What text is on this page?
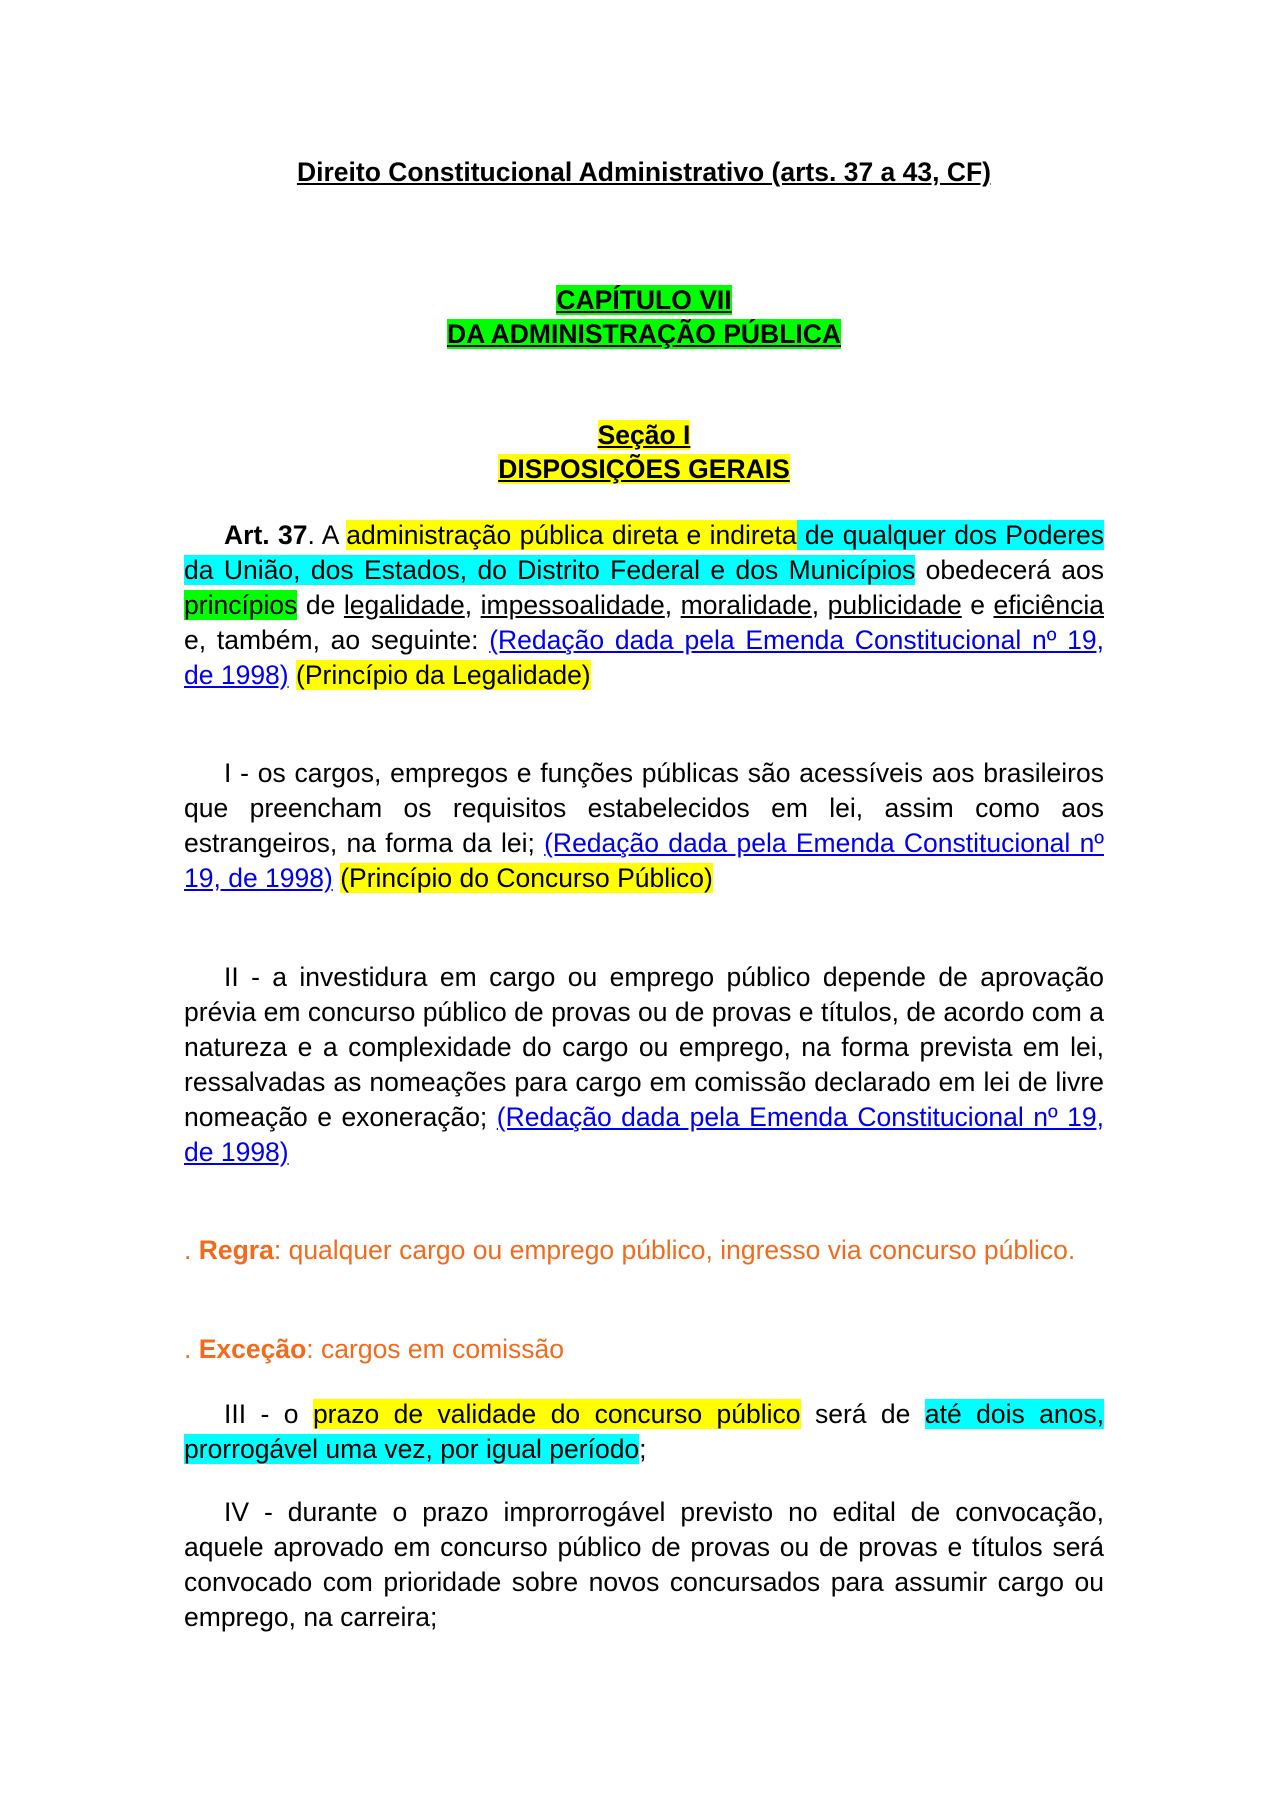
Direito Constitucional Administrativo (arts. 37 a 43, CF)
CAPÍTULO VII
DA ADMINISTRAÇÃO PÚBLICA
Seção I
DISPOSIÇÕES GERAIS
Art. 37. A administração pública direta e indireta de qualquer dos Poderes da União, dos Estados, do Distrito Federal e dos Municípios obedecerá aos princípios de legalidade, impessoalidade, moralidade, publicidade e eficiência e, também, ao seguinte: (Redação dada pela Emenda Constitucional nº 19, de 1998) (Princípio da Legalidade)
I - os cargos, empregos e funções públicas são acessíveis aos brasileiros que preencham os requisitos estabelecidos em lei, assim como aos estrangeiros, na forma da lei; (Redação dada pela Emenda Constitucional nº 19, de 1998) (Princípio do Concurso Público)
II - a investidura em cargo ou emprego público depende de aprovação prévia em concurso público de provas ou de provas e títulos, de acordo com a natureza e a complexidade do cargo ou emprego, na forma prevista em lei, ressalvadas as nomeações para cargo em comissão declarado em lei de livre nomeação e exoneração; (Redação dada pela Emenda Constitucional nº 19, de 1998)
. Regra: qualquer cargo ou emprego público, ingresso via concurso público.
. Exceção: cargos em comissão
III - o prazo de validade do concurso público será de até dois anos, prorrogável uma vez, por igual período;
IV - durante o prazo improrrogável previsto no edital de convocação, aquele aprovado em concurso público de provas ou de provas e títulos será convocado com prioridade sobre novos concursados para assumir cargo ou emprego, na carreira;
